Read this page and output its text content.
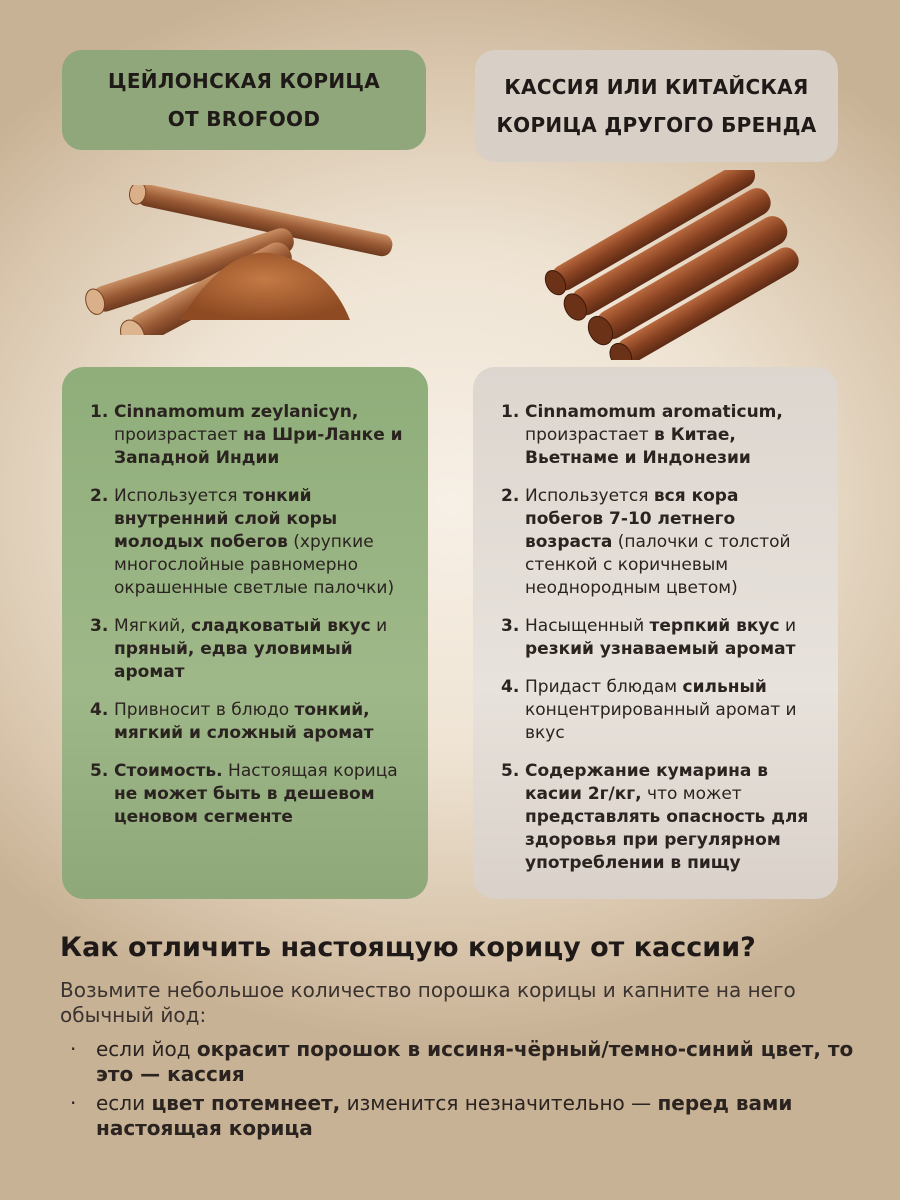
ЦЕЙЛОНСКАЯ КОРИЦА
ОТ BROFOOD
КАССИЯ ИЛИ КИТАЙСКАЯ
КОРИЦА ДРУГОГО БРЕНДА
1. Cinnamomum zeylanicyn, произрастает на Шри-Ланке и Западной Индии
2. Используется тонкий внутренний слой коры молодых побегов (хрупкие многослойные равномерно окрашенные светлые палочки)
3. Мягкий, сладковатый вкус и пряный, едва уловимый аромат
4. Привносит в блюдо тонкий, мягкий и сложный аромат
5. Стоимость. Настоящая корица не может быть в дешевом ценовом сегменте
1. Cinnamomum aromaticum, произрастает в Китае, Вьетнаме и Индонезии
2. Используется вся кора побегов 7-10 летнего возраста (палочки с толстой стенкой с коричневым неоднородным цветом)
3. Насыщенный терпкий вкус и резкий узнаваемый аромат
4. Придаст блюдам сильный концентрированный аромат и вкус
5. Содержание кумарина в касии 2г/кг, что может представлять опасность для здоровья при регулярном употреблении в пищу
Как отличить настоящую корицу от кассии?
Возьмите небольшое количество порошка корицы и капните на него обычный йод:
· если йод окрасит порошок в иссиня-чёрный/темно-синий цвет, то это — кассия
· если цвет потемнеет, изменится незначительно — перед вами настоящая корица
